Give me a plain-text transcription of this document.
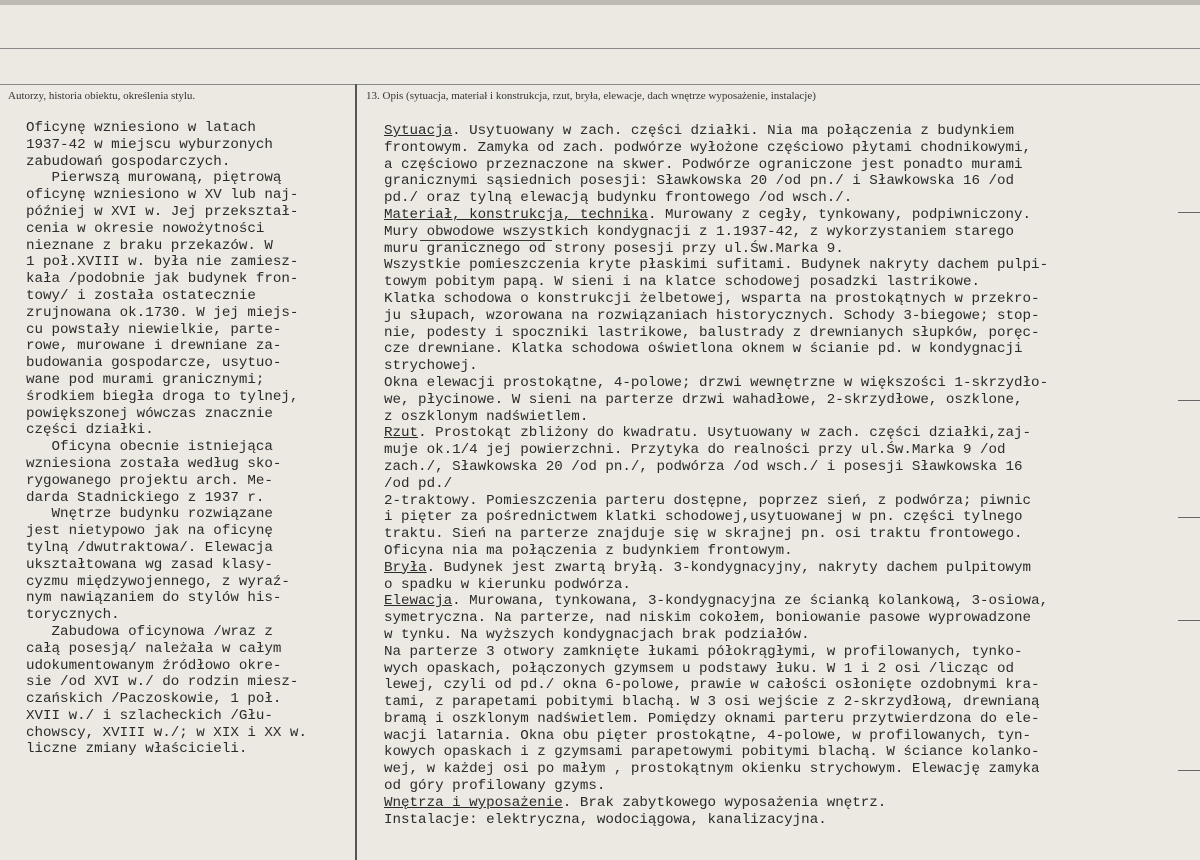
Autorzy, historia obiektu, określenia stylu.	13. Opis (sytuacja, materiał i konstrukcja, rzut, bryła, elewacje, dach wnętrze wyposażenie, instalacje)

Oficynę wzniesiono w latach
1937-42 w miejscu wyburzonych
zabudowań gospodarczych.
Pierwszą murowaną, piętrową
oficynę wzniesiono w XV lub naj-
później w XVI w. Jej przekształ-
cenia w okresie nowożytności
nieznane z braku przekazów. W
1 poł.XVIII w. była nie zamiesz-
kała /podobnie jak budynek fron-
towy/ i została ostatecznie
zrujnowana ok.1730. W jej miejs-
cu powstały niewielkie, parte-
rowe, murowane i drewniane za-
budowania gospodarcze, usytuo-
wane pod murami granicznymi;
środkiem biegła droga to tylnej,
powiększonej wówczas znacznie
części działki.
Oficyna obecnie istniejąca
wzniesiona została według sko-
rygowanego projektu arch. Me-
darda Stadnickiego z 1937 r.
Wnętrze budynku rozwiązane
jest nietypowo jak na oficynę
tylną /dwutraktowa/. Elewacja
ukształtowana wg zasad klasy-
cyzmu międzywojennego, z wyraź-
nym nawiązaniem do stylów his-
torycznych.
Zabudowa oficynowa /wraz z
całą posesją/ należała w całym
udokumentowanym źródłowo okre-
sie /od XVI w./ do rodzin miesz-
czańskich /Paczoskowie, 1 poł.
XVII w./ i szlacheckich /Głu-
chowscy, XVIII w./; w XIX i XX w.
liczne zmiany właścicieli.
Sytuacja. Usytuowany w zach. części działki. Nia ma połączenia z budynkiem
frontowym. Zamyka od zach. podwórze wyłożone częściowo płytami chodnikowymi,
a częściowo przeznaczone na skwer. Podwórze ograniczone jest ponadto murami
granicznymi sąsiednich posesji: Sławkowska 20 /od pn./ i Sławkowska 16 /od
pd./ oraz tylną elewacją budynku frontowego /od wsch./.
Materiał, konstrukcja, technika. Murowany z cegły, tynkowany, podpiwniczony.
Mury obwodowe wszystkich kondygnacji z 1.1937-42, z wykorzystaniem starego
muru granicznego od strony posesji przy ul.Św.Marka 9.
Wszystkie pomieszczenia kryte płaskimi sufitami. Budynek nakryty dachem pulpi-
towym pobitym papą. W sieni i na klatce schodowej posadzki lastrikowe.
Klatka schodowa o konstrukcji żelbetowej, wsparta na prostokątnych w przekro-
ju słupach, wzorowana na rozwiązaniach historycznych. Schody 3-biegowe; stop-
nie, podesty i spoczniki lastrikowe, balustrady z drewnianych słupków, poręc-
cze drewniane. Klatka schodowa oświetlona oknem w ścianie pd. w kondygnacji
strychowej.
Okna elewacji prostokątne, 4-polowe; drzwi wewnętrzne w większości 1-skrzydło-
we, płycinowe. W sieni na parterze drzwi wahadłowe, 2-skrzydłowe, oszklone,
z oszklonym nadświetlem.
Rzut. Prostokąt zbliżony do kwadratu. Usytuowany w zach. części działki,zaj-
muje ok.1/4 jej powierzchni. Przytyka do realności przy ul.Św.Marka 9 /od
zach./, Sławkowska 20 /od pn./, podwórza /od wsch./ i posesji Sławkowska 16
/od pd./
2-traktowy. Pomieszczenia parteru dostępne, poprzez sień, z podwórza; piwnic
i pięter za pośrednictwem klatki schodowej,usytuowanej w pn. części tylnego
traktu. Sień na parterze znajduje się w skrajnej pn. osi traktu frontowego.
Oficyna nia ma połączenia z budynkiem frontowym.
Bryła. Budynek jest zwartą bryłą. 3-kondygnacyjny, nakryty dachem pulpitowym
o spadku w kierunku podwórza.
Elewacja. Murowana, tynkowana, 3-kondygnacyjna ze ścianką kolankową, 3-osiowa,
symetryczna. Na parterze, nad niskim cokołem, boniowanie pasowe wyprowadzone
w tynku. Na wyższych kondygnacjach brak podziałów.
Na parterze 3 otwory zamknięte łukami półokrągłymi, w profilowanych, tynko-
wych opaskach, połączonych gzymsem u podstawy łuku. W 1 i 2 osi /licząc od
lewej, czyli od pd./ okna 6-polowe, prawie w całości osłonięte ozdobnymi kra-
tami, z parapetami pobitymi blachą. W 3 osi wejście z 2-skrzydłową, drewnianą
bramą i oszklonym nadświetlem. Pomiędzy oknami parteru przytwierdzona do ele-
wacji latarnia. Okna obu pięter prostokątne, 4-polowe, w profilowanych, tyn-
kowych opaskach i z gzymsami parapetowymi pobitymi blachą. W ściance kolanko-
wej, w każdej osi po małym , prostokątnym okienku strychowym. Elewację zamyka
od góry profilowany gzyms.
Wnętrza i wyposażenie. Brak zabytkowego wyposażenia wnętrz.
Instalacje: elektryczna, wodociągowa, kanalizacyjna.
